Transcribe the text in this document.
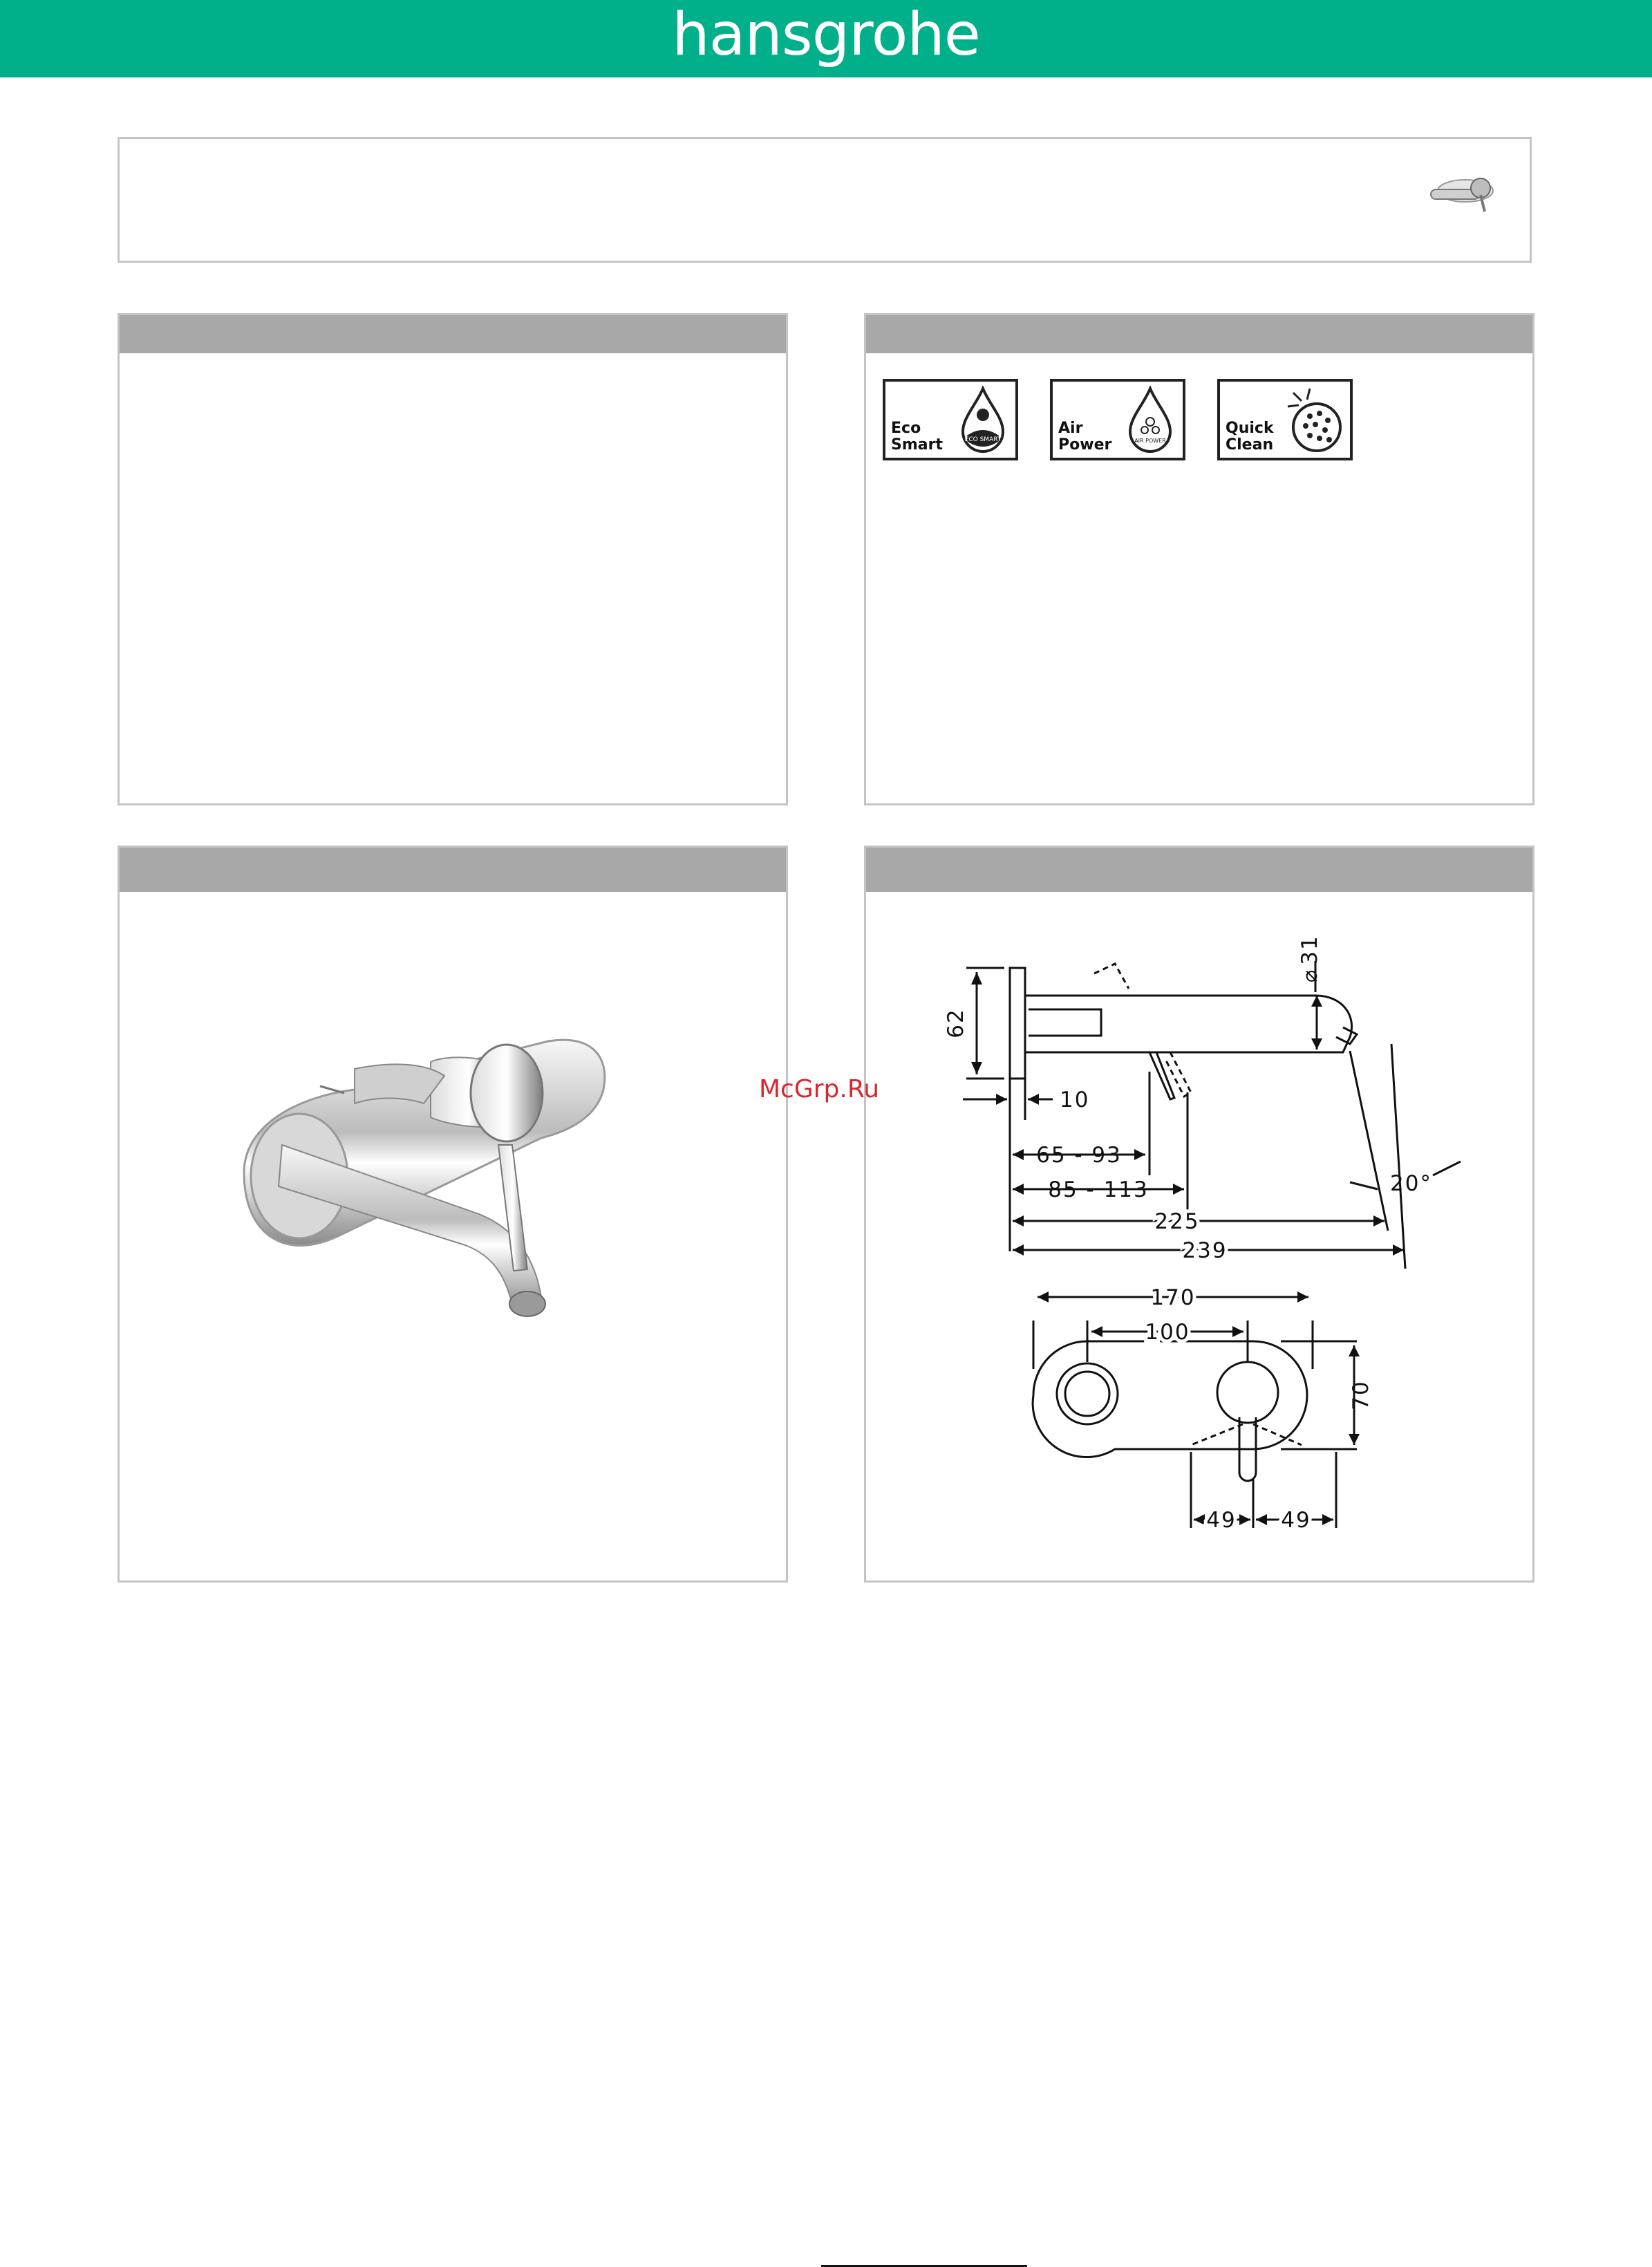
hansgrohe
Eco
Smart	ECO SMART
Air
Power	AIR POWER
Quick
Clean
31
⌀
62
10
65 - 93
85 - 113
225
239
20°
170
100
70
49 49
McGrp.Ru
